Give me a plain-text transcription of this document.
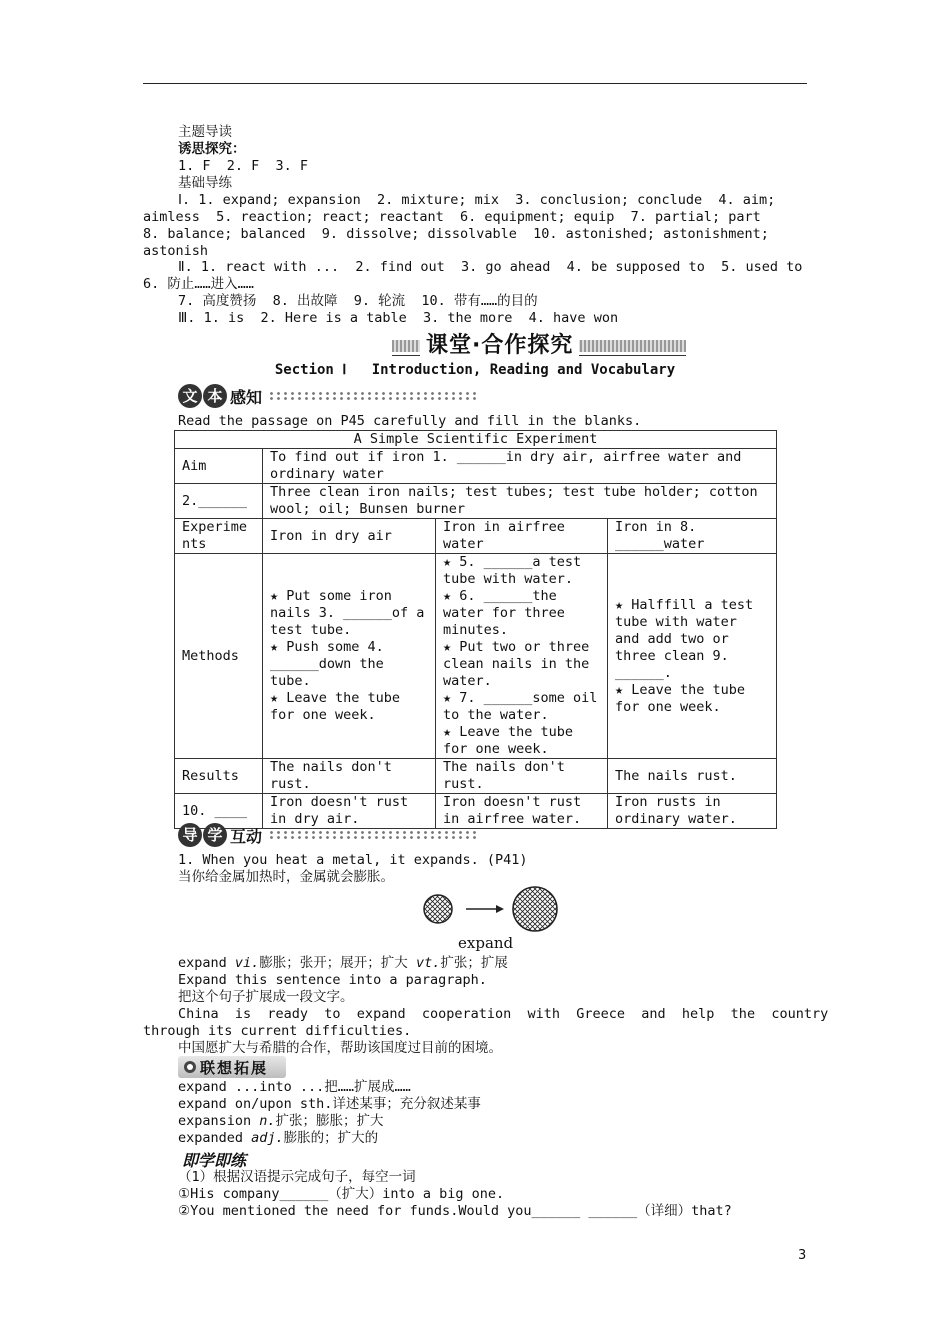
主题导读
诱思探究：
1. F  2. F  3. F
基础导练
Ⅰ. 1. expand; expansion  2. mixture; mix  3. conclusion; conclude  4. aim;
aimless  5. reaction; react; reactant  6. equipment; equip  7. partial; part
8. balance; balanced  9. dissolve; dissolvable  10. astonished; astonishment;
astonish
Ⅱ. 1. react with ...  2. find out  3. go ahead  4. be supposed to  5. used to
6. 防止……进入……
7. 高度赞扬  8. 出故障  9. 轮流  10. 带有……的目的
Ⅲ. 1. is  2. Here is a table  3. the more  4. have won
课堂·合作探究
Section Ⅰ   Introduction, Reading and Vocabulary
文 本 感知
Read the passage on P45 carefully and fill in the blanks.
A Simple Scientific Experiment			
Aim	To find out if iron 1. ______in dry air, airfree water and ordinary water		
2.______	Three clean iron nails; test tubes; test tube holder; cotton wool; oil; Bunsen burner		
Experime nts	Iron in dry air	Iron in airfree water	Iron in 8. ______water
Methods	★ Put some iron nails 3. ______of a test tube.
★ Push some 4. ______down the tube.
★ Leave the tube for one week.	★ 5. ______a test tube with water.
★ 6. ______the water for three minutes.
★ Put two or three clean nails in the water.
★ 7. ______some oil to the water.
★ Leave the tube for one week.	★ Halffill a test tube with water and add two or three clean 9. ______.
★ Leave the tube for one week.
Results	The nails don't rust.	The nails don't rust.	The nails rust.
10. ____	Iron doesn't rust in dry air.	Iron doesn't rust in airfree water.	Iron rusts in ordinary water.
导 学 互动
1. When you heat a metal, it expands. (P41)
当你给金属加热时，金属就会膨胀。
expand
expand vi.膨胀；张开；展开；扩大 vt.扩张；扩展
Expand this sentence into a paragraph.
把这个句子扩展成一段文字。
China  is  ready  to  expand  cooperation  with  Greece  and  help  the  country
through its current difficulties.
中国愿扩大与希腊的合作，帮助该国度过目前的困境。
联想拓展
expand ...into ...把……扩展成……
expand on/upon sth.详述某事；充分叙述某事
expansion n.扩张；膨胀；扩大
expanded adj.膨胀的；扩大的
即学即练
（1）根据汉语提示完成句子，每空一词
①His company______（扩大）into a big one.
②You mentioned the need for funds.Would you______ ______（详细）that?
3
